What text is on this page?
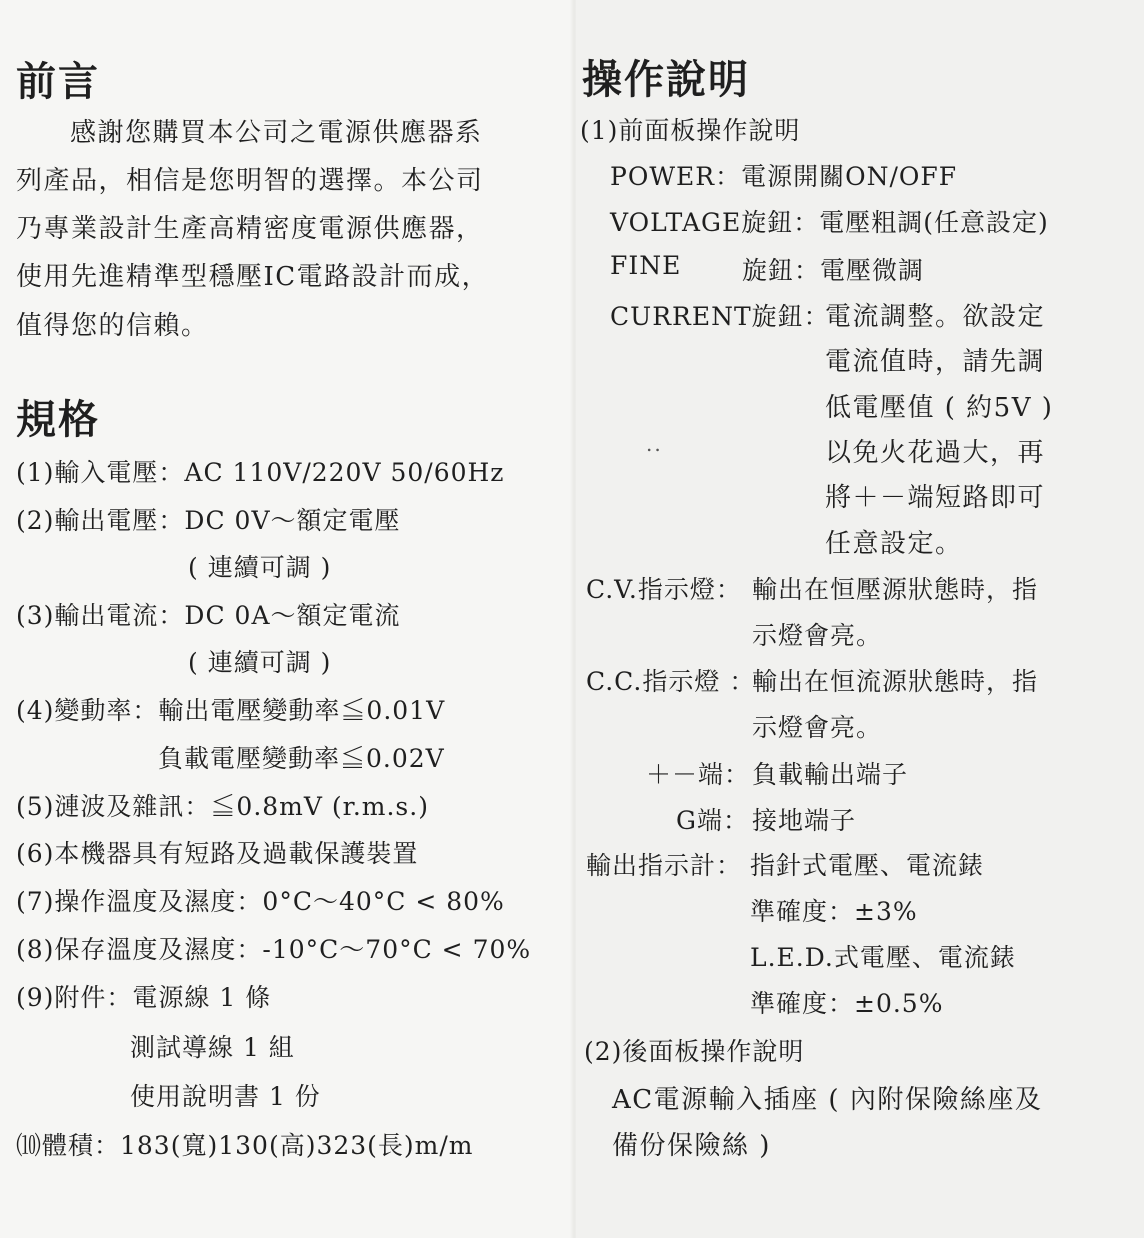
前言
感謝您購買本公司之電源供應器系
列產品，相信是您明智的選擇。本公司
乃專業設計生產高精密度電源供應器，
使用先進精準型穩壓IC電路設計而成，
值得您的信賴。
規格
(1)輸入電壓：AC 110V/220V 50/60Hz
(2)輸出電壓：DC 0V～額定電壓
( 連續可調 )
(3)輸出電流：DC 0A～額定電流
( 連續可調 )
(4)變動率：輸出電壓變動率≦0.01V
負載電壓變動率≦0.02V
(5)漣波及雜訊：≦0.8mV (r.m.s.)
(6)本機器具有短路及過載保護裝置
(7)操作溫度及濕度：0°C～40°C < 80%
(8)保存溫度及濕度：-10°C～70°C < 70%
(9)附件：電源線 1 條
測試導線 1 組
使用說明書 1 份
⑽體積：183(寬)130(高)323(長)m/m
操作說明
(1)前面板操作說明
POWER：電源開關ON/OFF
VOLTAGE旋鈕：電壓粗調(任意設定)
FINE 旋鈕：電壓微調
CURRENT旋鈕：
電流調整。欲設定
電流值時，請先調
低電壓值 ( 約5V )
..	以免火花過大，再
將＋－端短路即可
任意設定。
C.V.指示燈： 輸出在恒壓源狀態時，指
示燈會亮。
C.C.指示燈 ：
輸出在恒流源狀態時，指
示燈會亮。
＋－端： 負載輸出端子
G端： 接地端子
輸出指示計： 指針式電壓、電流錶
準確度：±3%
L.E.D.式電壓、電流錶
準確度：±0.5%
(2)後面板操作說明
AC電源輸入插座 ( 內附保險絲座及
備份保險絲 )
